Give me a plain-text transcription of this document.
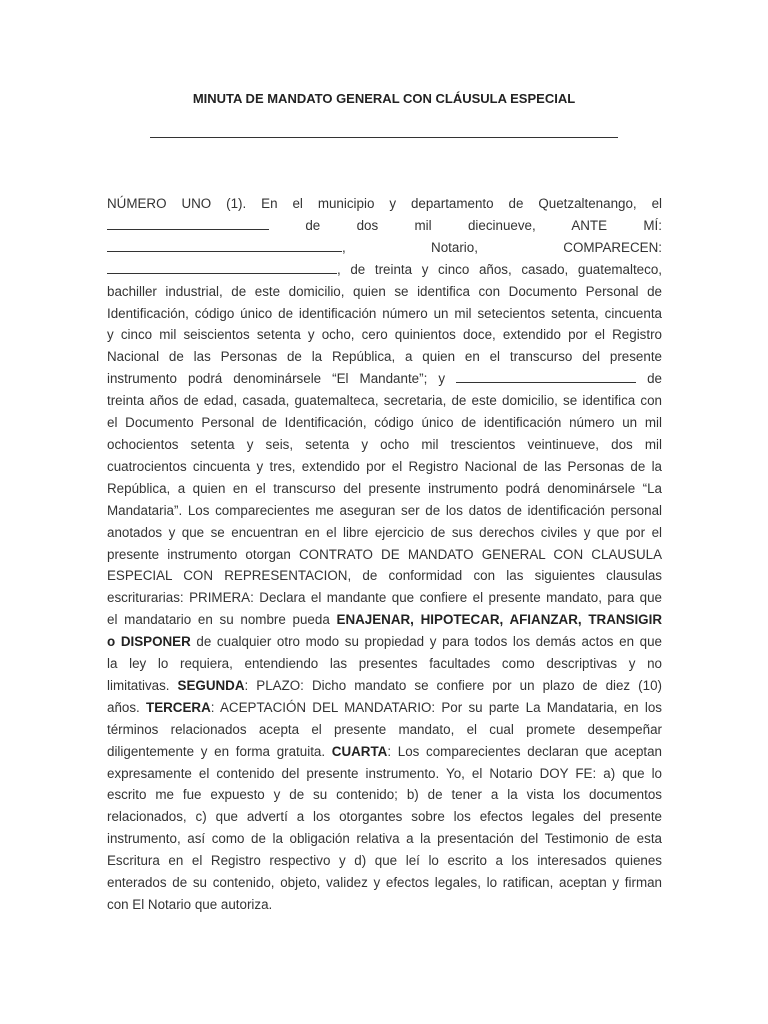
MINUTA DE MANDATO GENERAL CON CLÁUSULA ESPECIAL
NÚMERO UNO (1). En el municipio y departamento de Quetzaltenango, el
de dos mil diecinueve, ANTE MÍ:
, Notario, COMPARECEN:
, de treinta y cinco años, casado, guatemalteco,
bachiller industrial, de este domicilio, quien se identifica con Documento Personal de
Identificación, código único de identificación número un mil setecientos setenta, cincuenta
y cinco mil seiscientos setenta y ocho, cero quinientos doce, extendido por el Registro
Nacional de las Personas de la República, a quien en el transcurso del presente
instrumento podrá denominársele “El Mandante”; y	de
treinta años de edad, casada, guatemalteca, secretaria, de este domicilio, se identifica con
el Documento Personal de Identificación, código único de identificación número un mil
ochocientos setenta y seis, setenta y ocho mil trescientos veintinueve, dos mil
cuatrocientos cincuenta y tres, extendido por el Registro Nacional de las Personas de la
República, a quien en el transcurso del presente instrumento podrá denominársele “La
Mandataria”. Los comparecientes me aseguran ser de los datos de identificación personal
anotados y que se encuentran en el libre ejercicio de sus derechos civiles y que por el
presente instrumento otorgan CONTRATO DE MANDATO GENERAL CON CLAUSULA
ESPECIAL CON REPRESENTACION, de conformidad con las siguientes clausulas
escriturarias: PRIMERA: Declara el mandante que confiere el presente mandato, para que
el mandatario en su nombre pueda ENAJENAR, HIPOTECAR, AFIANZAR, TRANSIGIR
o DISPONER de cualquier otro modo su propiedad y para todos los demás actos en que
la ley lo requiera, entendiendo las presentes facultades como descriptivas y no
limitativas. SEGUNDA: PLAZO: Dicho mandato se confiere por un plazo de diez (10)
años. TERCERA: ACEPTACIÓN DEL MANDATARIO: Por su parte La Mandataria, en los
términos relacionados acepta el presente mandato, el cual promete desempeñar
diligentemente y en forma gratuita. CUARTA: Los comparecientes declaran que aceptan
expresamente el contenido del presente instrumento. Yo, el Notario DOY FE: a) que lo
escrito me fue expuesto y de su contenido; b) de tener a la vista los documentos
relacionados, c) que advertí a los otorgantes sobre los efectos legales del presente
instrumento, así como de la obligación relativa a la presentación del Testimonio de esta
Escritura en el Registro respectivo y d) que leí lo escrito a los interesados quienes
enterados de su contenido, objeto, validez y efectos legales, lo ratifican, aceptan y firman
con El Notario que autoriza.
